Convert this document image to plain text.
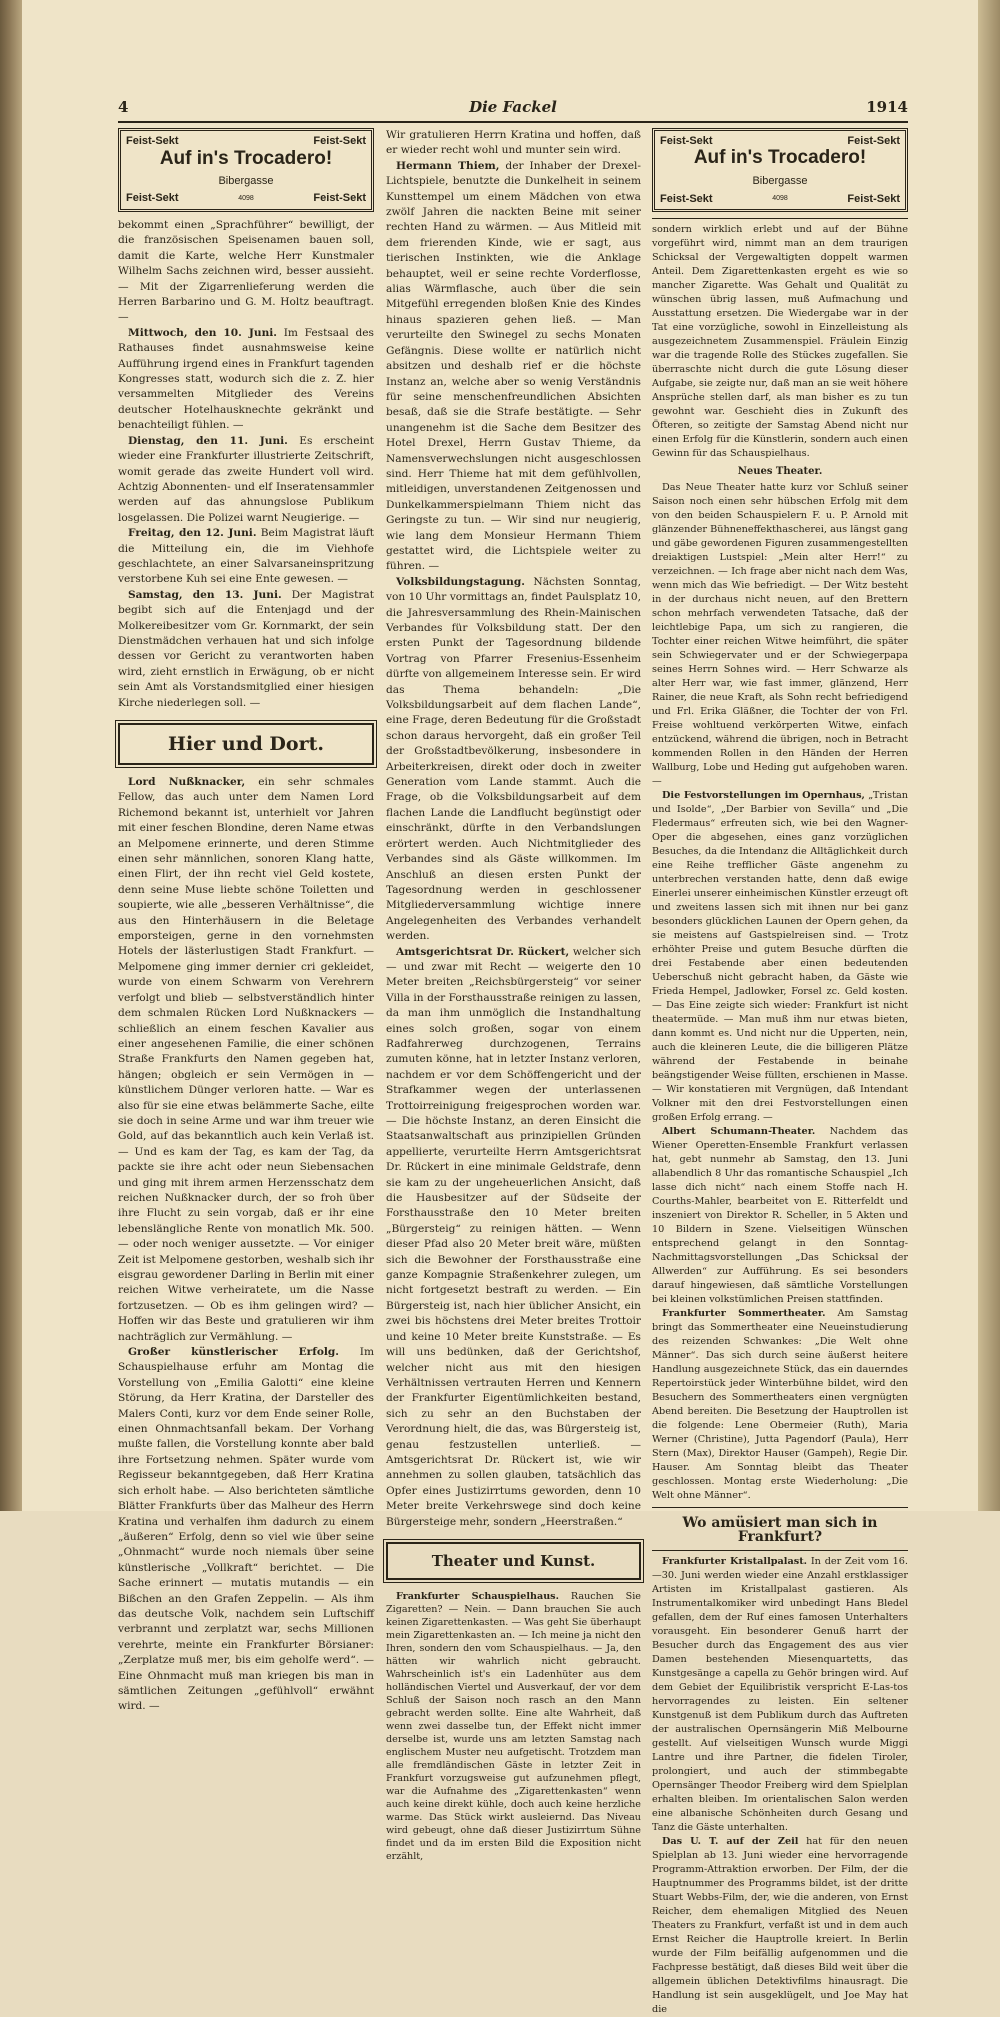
4	Die Fackel	1914
Feist-Sekt	Feist-Sekt
Auf in's Trocadero!
Bibergasse
4098
Feist-Sekt	Feist-Sekt

bekommt einen „Sprachführer“ bewilligt, der die französischen Speisenamen bauen soll, damit die Karte, welche Herr Kunstmaler Wilhelm Sachs zeichnen wird, besser aussieht. — Mit der Zigarrenlieferung werden die Herren Barbarino und G. M. Holtz beauftragt. —

Mittwoch, den 10. Juni. Im Festsaal des Rathauses findet ausnahmsweise keine Aufführung irgend eines in Frankfurt tagenden Kongresses statt, wodurch sich die z. Z. hier versammelten Mitglieder des Vereins deutscher Hotelhausknechte gekränkt und benachteiligt fühlen. —

Dienstag, den 11. Juni. Es erscheint wieder eine Frankfurter illustrierte Zeitschrift, womit gerade das zweite Hundert voll wird. Achtzig Abonnenten- und elf Inseratensammler werden auf das ahnungslose Publikum losgelassen. Die Polizei warnt Neugierige. —

Freitag, den 12. Juni. Beim Magistrat läuft die Mitteilung ein, die im Viehhofe geschlachtete, an einer Salvarsaneinspritzung verstorbene Kuh sei eine Ente gewesen. —

Samstag, den 13. Juni. Der Magistrat begibt sich auf die Entenjagd und der Molkereibesitzer vom Gr. Kornmarkt, der sein Dienstmädchen verhauen hat und sich infolge dessen vor Gericht zu verantworten haben wird, zieht ernstlich in Erwägung, ob er nicht sein Amt als Vorstandsmitglied einer hiesigen Kirche niederlegen soll. —

Hier und Dort.

Lord Nußknacker, ein sehr schmales Fellow, das auch unter dem Namen Lord Richemond bekannt ist, unterhielt vor Jahren mit einer feschen Blondine, deren Name etwas an Melpomene erinnerte, und deren Stimme einen sehr männlichen, sonoren Klang hatte, einen Flirt, der ihn recht viel Geld kostete, denn seine Muse liebte schöne Toiletten und soupierte, wie alle „besseren Verhältnisse“, die aus den Hinterhäusern in die Beletage emporsteigen, gerne in den vornehmsten Hotels der lästerlustigen Stadt Frankfurt. — Melpomene ging immer dernier cri gekleidet, wurde von einem Schwarm von Verehrern verfolgt und blieb — selbstverständlich hinter dem schmalen Rücken Lord Nußknackers — schließlich an einem feschen Kavalier aus einer angesehenen Familie, die einer schönen Straße Frankfurts den Namen gegeben hat, hängen; obgleich er sein Vermögen in — künstlichem Dünger verloren hatte. — War es also für sie eine etwas belämmerte Sache, eilte sie doch in seine Arme und war ihm treuer wie Gold, auf das bekanntlich auch kein Verlaß ist. — Und es kam der Tag, es kam der Tag, da packte sie ihre acht oder neun Siebensachen und ging mit ihrem armen Herzensschatz dem reichen Nußknacker durch, der so froh über ihre Flucht zu sein vorgab, daß er ihr eine lebenslängliche Rente von monatlich Mk. 500.— oder noch weniger aussetzte. — Vor einiger Zeit ist Melpomene gestorben, weshalb sich ihr eisgrau gewordener Darling in Berlin mit einer reichen Witwe verheiratete, um die Nasse fortzusetzen. — Ob es ihm gelingen wird? — Hoffen wir das Beste und gratulieren wir ihm nachträglich zur Vermählung. —

Großer künstlerischer Erfolg. Im Schauspielhause erfuhr am Montag die Vorstellung von „Emilia Galotti“ eine kleine Störung, da Herr Kratina, der Darsteller des Malers Conti, kurz vor dem Ende seiner Rolle, einen Ohnmachtsanfall bekam. Der Vorhang mußte fallen, die Vorstellung konnte aber bald ihre Fortsetzung nehmen. Später wurde vom Regisseur bekanntgegeben, daß Herr Kratina sich erholt habe. — Also berichteten sämtliche Blätter Frankfurts über das Malheur des Herrn Kratina und verhalfen ihm dadurch zu einem „äußeren“ Erfolg, denn so viel wie über seine „Ohnmacht“ wurde noch niemals über seine künstlerische „Vollkraft“ berichtet. — Die Sache erinnert — mutatis mutandis — ein Bißchen an den Grafen Zeppelin. — Als ihm das deutsche Volk, nachdem sein Luftschiff verbrannt und zerplatzt war, sechs Millionen verehrte, meinte ein Frankfurter Börsianer: „Zerplatze muß mer, bis eim geholfe werd“. — Eine Ohnmacht muß man kriegen bis man in sämtlichen Zeitungen „gefühlvoll“ erwähnt wird. —

Wir gratulieren Herrn Kratina und hoffen, daß er wieder recht wohl und munter sein wird.

Hermann Thiem, der Inhaber der Drexel-Lichtspiele, benutzte die Dunkelheit in seinem Kunsttempel um einem Mädchen von etwa zwölf Jahren die nackten Beine mit seiner rechten Hand zu wärmen. — Aus Mitleid mit dem frierenden Kinde, wie er sagt, aus tierischen Instinkten, wie die Anklage behauptet, weil er seine rechte Vorderflosse, alias Wärmflasche, auch über die sein Mitgefühl erregenden bloßen Knie des Kindes hinaus spazieren gehen ließ. — Man verurteilte den Swinegel zu sechs Monaten Gefängnis. Diese wollte er natürlich nicht absitzen und deshalb rief er die höchste Instanz an, welche aber so wenig Verständnis für seine menschenfreundlichen Absichten besaß, daß sie die Strafe bestätigte. — Sehr unangenehm ist die Sache dem Besitzer des Hotel Drexel, Herrn Gustav Thieme, da Namensverwechslungen nicht ausgeschlossen sind. Herr Thieme hat mit dem gefühlvollen, mitleidigen, unverstandenen Zeitgenossen und Dunkelkammerspielmann Thiem nicht das Geringste zu tun. — Wir sind nur neugierig, wie lang dem Monsieur Hermann Thiem gestattet wird, die Lichtspiele weiter zu führen. —

Volksbildungstagung. Nächsten Sonntag, von 10 Uhr vormittags an, findet Paulsplatz 10, die Jahresversammlung des Rhein-Mainischen Verbandes für Volksbildung statt. Der den ersten Punkt der Tagesordnung bildende Vortrag von Pfarrer Fresenius-Essenheim dürfte von allgemeinem Interesse sein. Er wird das Thema behandeln: „Die Volksbildungsarbeit auf dem flachen Lande“, eine Frage, deren Bedeutung für die Großstadt schon daraus hervorgeht, daß ein großer Teil der Großstadtbevölkerung, insbesondere in Arbeiterkreisen, direkt oder doch in zweiter Generation vom Lande stammt. Auch die Frage, ob die Volksbildungsarbeit auf dem flachen Lande die Landflucht begünstigt oder einschränkt, dürfte in den Verbandslungen erörtert werden. Auch Nichtmitglieder des Verbandes sind als Gäste willkommen. Im Anschluß an diesen ersten Punkt der Tagesordnung werden in geschlossener Mitgliederversammlung wichtige innere Angelegenheiten des Verbandes verhandelt werden.

Amtsgerichtsrat Dr. Rückert, welcher sich — und zwar mit Recht — weigerte den 10 Meter breiten „Reichsbürgersteig“ vor seiner Villa in der Forsthausstraße reinigen zu lassen, da man ihm unmöglich die Instandhaltung eines solch großen, sogar von einem Radfahrerweg durchzogenen, Terrains zumuten könne, hat in letzter Instanz verloren, nachdem er vor dem Schöffengericht und der Strafkammer wegen der unterlassenen Trottoirreinigung freigesprochen worden war. — Die höchste Instanz, an deren Einsicht die Staatsanwaltschaft aus prinzipiellen Gründen appellierte, verurteilte Herrn Amtsgerichtsrat Dr. Rückert in eine minimale Geldstrafe, denn sie kam zu der ungeheuerlichen Ansicht, daß die Hausbesitzer auf der Südseite der Forsthausstraße den 10 Meter breiten „Bürgersteig“ zu reinigen hätten. — Wenn dieser Pfad also 20 Meter breit wäre, müßten sich die Bewohner der Forsthausstraße eine ganze Kompagnie Straßenkehrer zulegen, um nicht fortgesetzt bestraft zu werden. — Ein Bürgersteig ist, nach hier üblicher Ansicht, ein zwei bis höchstens drei Meter breites Trottoir und keine 10 Meter breite Kunststraße. — Es will uns bedünken, daß der Gerichtshof, welcher nicht aus mit den hiesigen Verhältnissen vertrauten Herren und Kennern der Frankfurter Eigentümlichkeiten bestand, sich zu sehr an den Buchstaben der Verordnung hielt, die das, was Bürgersteig ist, genau festzustellen unterließ. — Amtsgerichtsrat Dr. Rückert ist, wie wir annehmen zu sollen glauben, tatsächlich das Opfer eines Justizirrtums geworden, denn 10 Meter breite Verkehrswege sind doch keine Bürgersteige mehr, sondern „Heerstraßen.“

Theater und Kunst.

Frankfurter Schauspielhaus. Rauchen Sie Zigaretten? — Nein. — Dann brauchen Sie auch keinen Zigarettenkasten. — Was geht Sie überhaupt mein Zigarettenkasten an. — Ich meine ja nicht den Ihren, sondern den vom Schauspielhaus. — Ja, den hätten wir wahrlich nicht gebraucht. Wahrscheinlich ist's ein Ladenhüter aus dem holländischen Viertel und Ausverkauf, der vor dem Schluß der Saison noch rasch an den Mann gebracht werden sollte. Eine alte Wahrheit, daß wenn zwei dasselbe tun, der Effekt nicht immer derselbe ist, wurde uns am letzten Samstag nach englischem Muster neu aufgetischt. Trotzdem man alle fremdländischen Gäste in letzter Zeit in Frankfurt vorzugsweise gut aufzunehmen pflegt, war die Aufnahme des „Zigarettenkasten“ wenn auch keine direkt kühle, doch auch keine herzliche warme. Das Stück wirkt ausleiernd. Das Niveau wird gebeugt, ohne daß dieser Justizirrtum Sühne findet und da im ersten Bild die Exposition nicht erzählt,

Feist-Sekt	Feist-Sekt
Auf in's Trocadero!
Bibergasse
4098
Feist-Sekt	Feist-Sekt

sondern wirklich erlebt und auf der Bühne vorgeführt wird, nimmt man an dem traurigen Schicksal der Vergewaltigten doppelt warmen Anteil. Dem Zigarettenkasten ergeht es wie so mancher Zigarette. Was Gehalt und Qualität zu wünschen übrig lassen, muß Aufmachung und Ausstattung ersetzen. Die Wiedergabe war in der Tat eine vorzügliche, sowohl in Einzelleistung als ausgezeichnetem Zusammenspiel. Fräulein Einzig war die tragende Rolle des Stückes zugefallen. Sie überraschte nicht durch die gute Lösung dieser Aufgabe, sie zeigte nur, daß man an sie weit höhere Ansprüche stellen darf, als man bisher es zu tun gewohnt war. Geschieht dies in Zukunft des Öfteren, so zeitigte der Samstag Abend nicht nur einen Erfolg für die Künstlerin, sondern auch einen Gewinn für das Schauspielhaus.

Neues Theater.

Das Neue Theater hatte kurz vor Schluß seiner Saison noch einen sehr hübschen Erfolg mit dem von den beiden Schauspielern F. u. P. Arnold mit glänzender Bühneneffekthascherei, aus längst gang und gäbe gewordenen Figuren zusammengestellten dreiaktigen Lustspiel: „Mein alter Herr!“ zu verzeichnen. — Ich frage aber nicht nach dem Was, wenn mich das Wie befriedigt. — Der Witz besteht in der durchaus nicht neuen, auf den Brettern schon mehrfach verwendeten Tatsache, daß der leichtlebige Papa, um sich zu rangieren, die Tochter einer reichen Witwe heimführt, die später sein Schwiegervater und er der Schwiegerpapa seines Herrn Sohnes wird. — Herr Schwarze als alter Herr war, wie fast immer, glänzend, Herr Rainer, die neue Kraft, als Sohn recht befriedigend und Frl. Erika Gläßner, die Tochter der von Frl. Freise wohltuend verkörperten Witwe, einfach entzückend, während die übrigen, noch in Betracht kommenden Rollen in den Händen der Herren Wallburg, Lobe und Heding gut aufgehoben waren. —

Die Festvorstellungen im Opernhaus, „Tristan und Isolde“, „Der Barbier von Sevilla“ und „Die Fledermaus“ erfreuten sich, wie bei den Wagner-Oper die abgesehen, eines ganz vorzüglichen Besuches, da die Intendanz die Alltäglichkeit durch eine Reihe trefflicher Gäste angenehm zu unterbrechen verstanden hatte, denn daß ewige Einerlei unserer einheimischen Künstler erzeugt oft und zweitens lassen sich mit ihnen nur bei ganz besonders glücklichen Launen der Opern gehen, da sie meistens auf Gastspielreisen sind. — Trotz erhöhter Preise und gutem Besuche dürften die drei Festabende aber einen bedeutenden Ueberschuß nicht gebracht haben, da Gäste wie Frieda Hempel, Jadlowker, Forsel zc. Geld kosten. — Das Eine zeigte sich wieder: Frankfurt ist nicht theatermüde. — Man muß ihm nur etwas bieten, dann kommt es. Und nicht nur die Upperten, nein, auch die kleineren Leute, die die billigeren Plätze während der Festabende in beinahe beängstigender Weise füllten, erschienen in Masse. — Wir konstatieren mit Vergnügen, daß Intendant Volkner mit den drei Festvorstellungen einen großen Erfolg errang. —

Albert Schumann-Theater. Nachdem das Wiener Operetten-Ensemble Frankfurt verlassen hat, gebt nunmehr ab Samstag, den 13. Juni allabendlich 8 Uhr das romantische Schauspiel „Ich lasse dich nicht“ nach einem Stoffe nach H. Courths-Mahler, bearbeitet von E. Ritterfeldt und inszeniert von Direktor R. Scheller, in 5 Akten und 10 Bildern in Szene. Vielseitigen Wünschen entsprechend gelangt in den Sonntag-Nachmittagsvorstellungen „Das Schicksal der Allwerden“ zur Aufführung. Es sei besonders darauf hingewiesen, daß sämtliche Vorstellungen bei kleinen volkstümlichen Preisen stattfinden.

Frankfurter Sommertheater. Am Samstag bringt das Sommertheater eine Neueinstudierung des reizenden Schwankes: „Die Welt ohne Männer“. Das sich durch seine äußerst heitere Handlung ausgezeichnete Stück, das ein dauerndes Repertoirstück jeder Winterbühne bildet, wird den Besuchern des Sommertheaters einen vergnügten Abend bereiten. Die Besetzung der Hauptrollen ist die folgende: Lene Obermeier (Ruth), Maria Werner (Christine), Jutta Pagendorf (Paula), Herr Stern (Max), Direktor Hauser (Gampeh), Regie Dir. Hauser. Am Sonntag bleibt das Theater geschlossen. Montag erste Wiederholung: „Die Welt ohne Männer“.

Wo amüsiert man sich in Frankfurt?

Frankfurter Kristallpalast. In der Zeit vom 16.—30. Juni werden wieder eine Anzahl erstklassiger Artisten im Kristallpalast gastieren. Als Instrumentalkomiker wird unbedingt Hans Bledel gefallen, dem der Ruf eines famosen Unterhalters vorausgeht. Ein besonderer Genuß harrt der Besucher durch das Engagement des aus vier Damen bestehenden Miesenquartetts, das Kunstgesänge a capella zu Gehör bringen wird. Auf dem Gebiet der Equilibristik verspricht E-Las-tos hervorragendes zu leisten. Ein seltener Kunstgenuß ist dem Publikum durch das Auftreten der australischen Opernsängerin Miß Melbourne gestellt. Auf vielseitigen Wunsch wurde Miggi Lantre und ihre Partner, die fidelen Tiroler, prolongiert, und auch der stimmbegabte Opernsänger Theodor Freiberg wird dem Spielplan erhalten bleiben. Im orientalischen Salon werden eine albanische Schönheiten durch Gesang und Tanz die Gäste unterhalten.

Das U. T. auf der Zeil hat für den neuen Spielplan ab 13. Juni wieder eine hervorragende Programm-Attraktion erworben. Der Film, der die Hauptnummer des Programms bildet, ist der dritte Stuart Webbs-Film, der, wie die anderen, von Ernst Reicher, dem ehemaligen Mitglied des Neuen Theaters zu Frankfurt, verfaßt ist und in dem auch Ernst Reicher die Hauptrolle kreiert. In Berlin wurde der Film beifällig aufgenommen und die Fachpresse bestätigt, daß dieses Bild weit über die allgemein üblichen Detektivfilms hinausragt. Die Handlung ist sein ausgeklügelt, und Joe May hat die
